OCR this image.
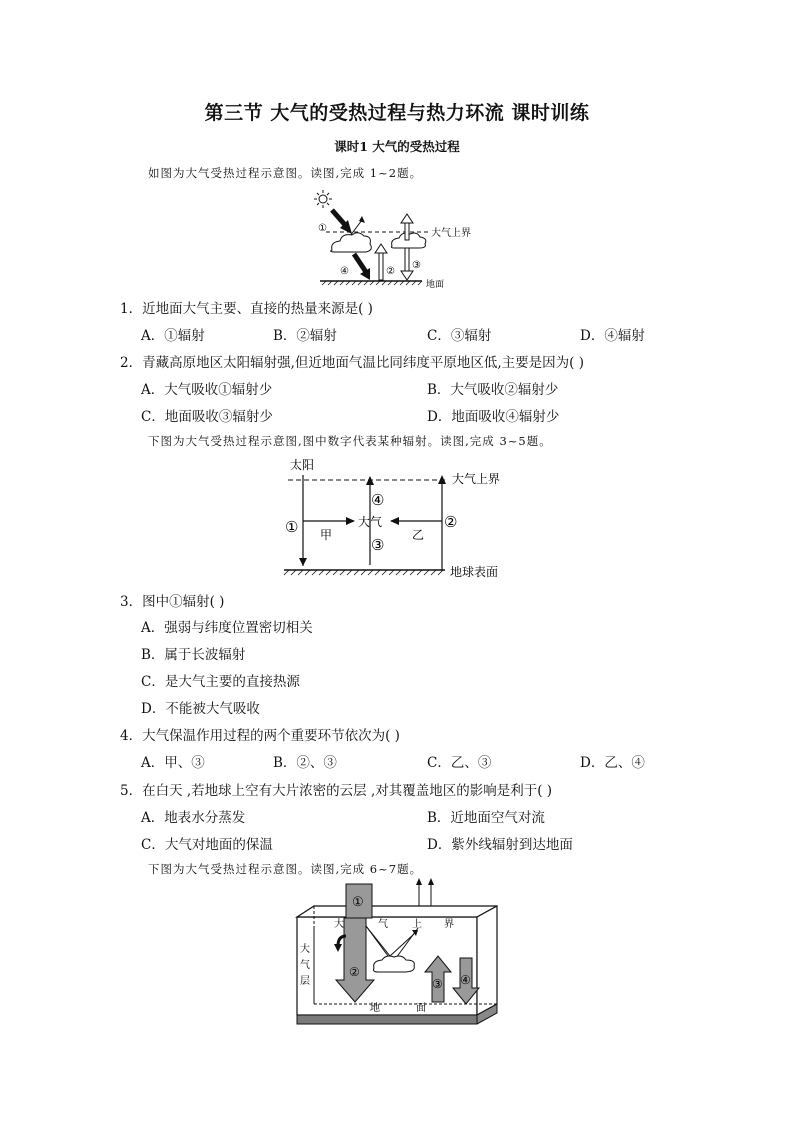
第三节 大气的受热过程与热力环流 课时训练
课时1 大气的受热过程
如图为大气受热过程示意图。读图,完成 1~2题。
大气上界
①
④	②
③
地面
1．近地面大气主要、直接的热量来源是( )
A．①辐射	B．②辐射	C．③辐射	D．④辐射
2．青藏高原地区太阳辐射强,但近地面气温比同纬度平原地区低,主要是因为( )
A．大气吸收①辐射少	B．大气吸收②辐射少
C．地面吸收③辐射少	D．地面吸收④辐射少
下图为大气受热过程示意图,图中数字代表某种辐射。读图,完成 3~5题。
太阳
大气上界
地球表面
大气
甲	乙
①	②
③
④
3．图中①辐射( )
A．强弱与纬度位置密切相关
B．属于长波辐射
C．是大气主要的直接热源
D．不能被大气吸收
4．大气保温作用过程的两个重要环节依次为( )
A．甲、③	B．②、③	C．乙、③	D．乙、④
5．在白天 ,若地球上空有大片浓密的云层 ,对其覆盖地区的影响是利于( )
A．地表水分蒸发	B．近地面空气对流
C．大气对地面的保温	D．紫外线辐射到达地面
下图为大气受热过程示意图。读图,完成 6~7题。
①
②
③ ④
大	气 上 界
大
气
层
地	面
